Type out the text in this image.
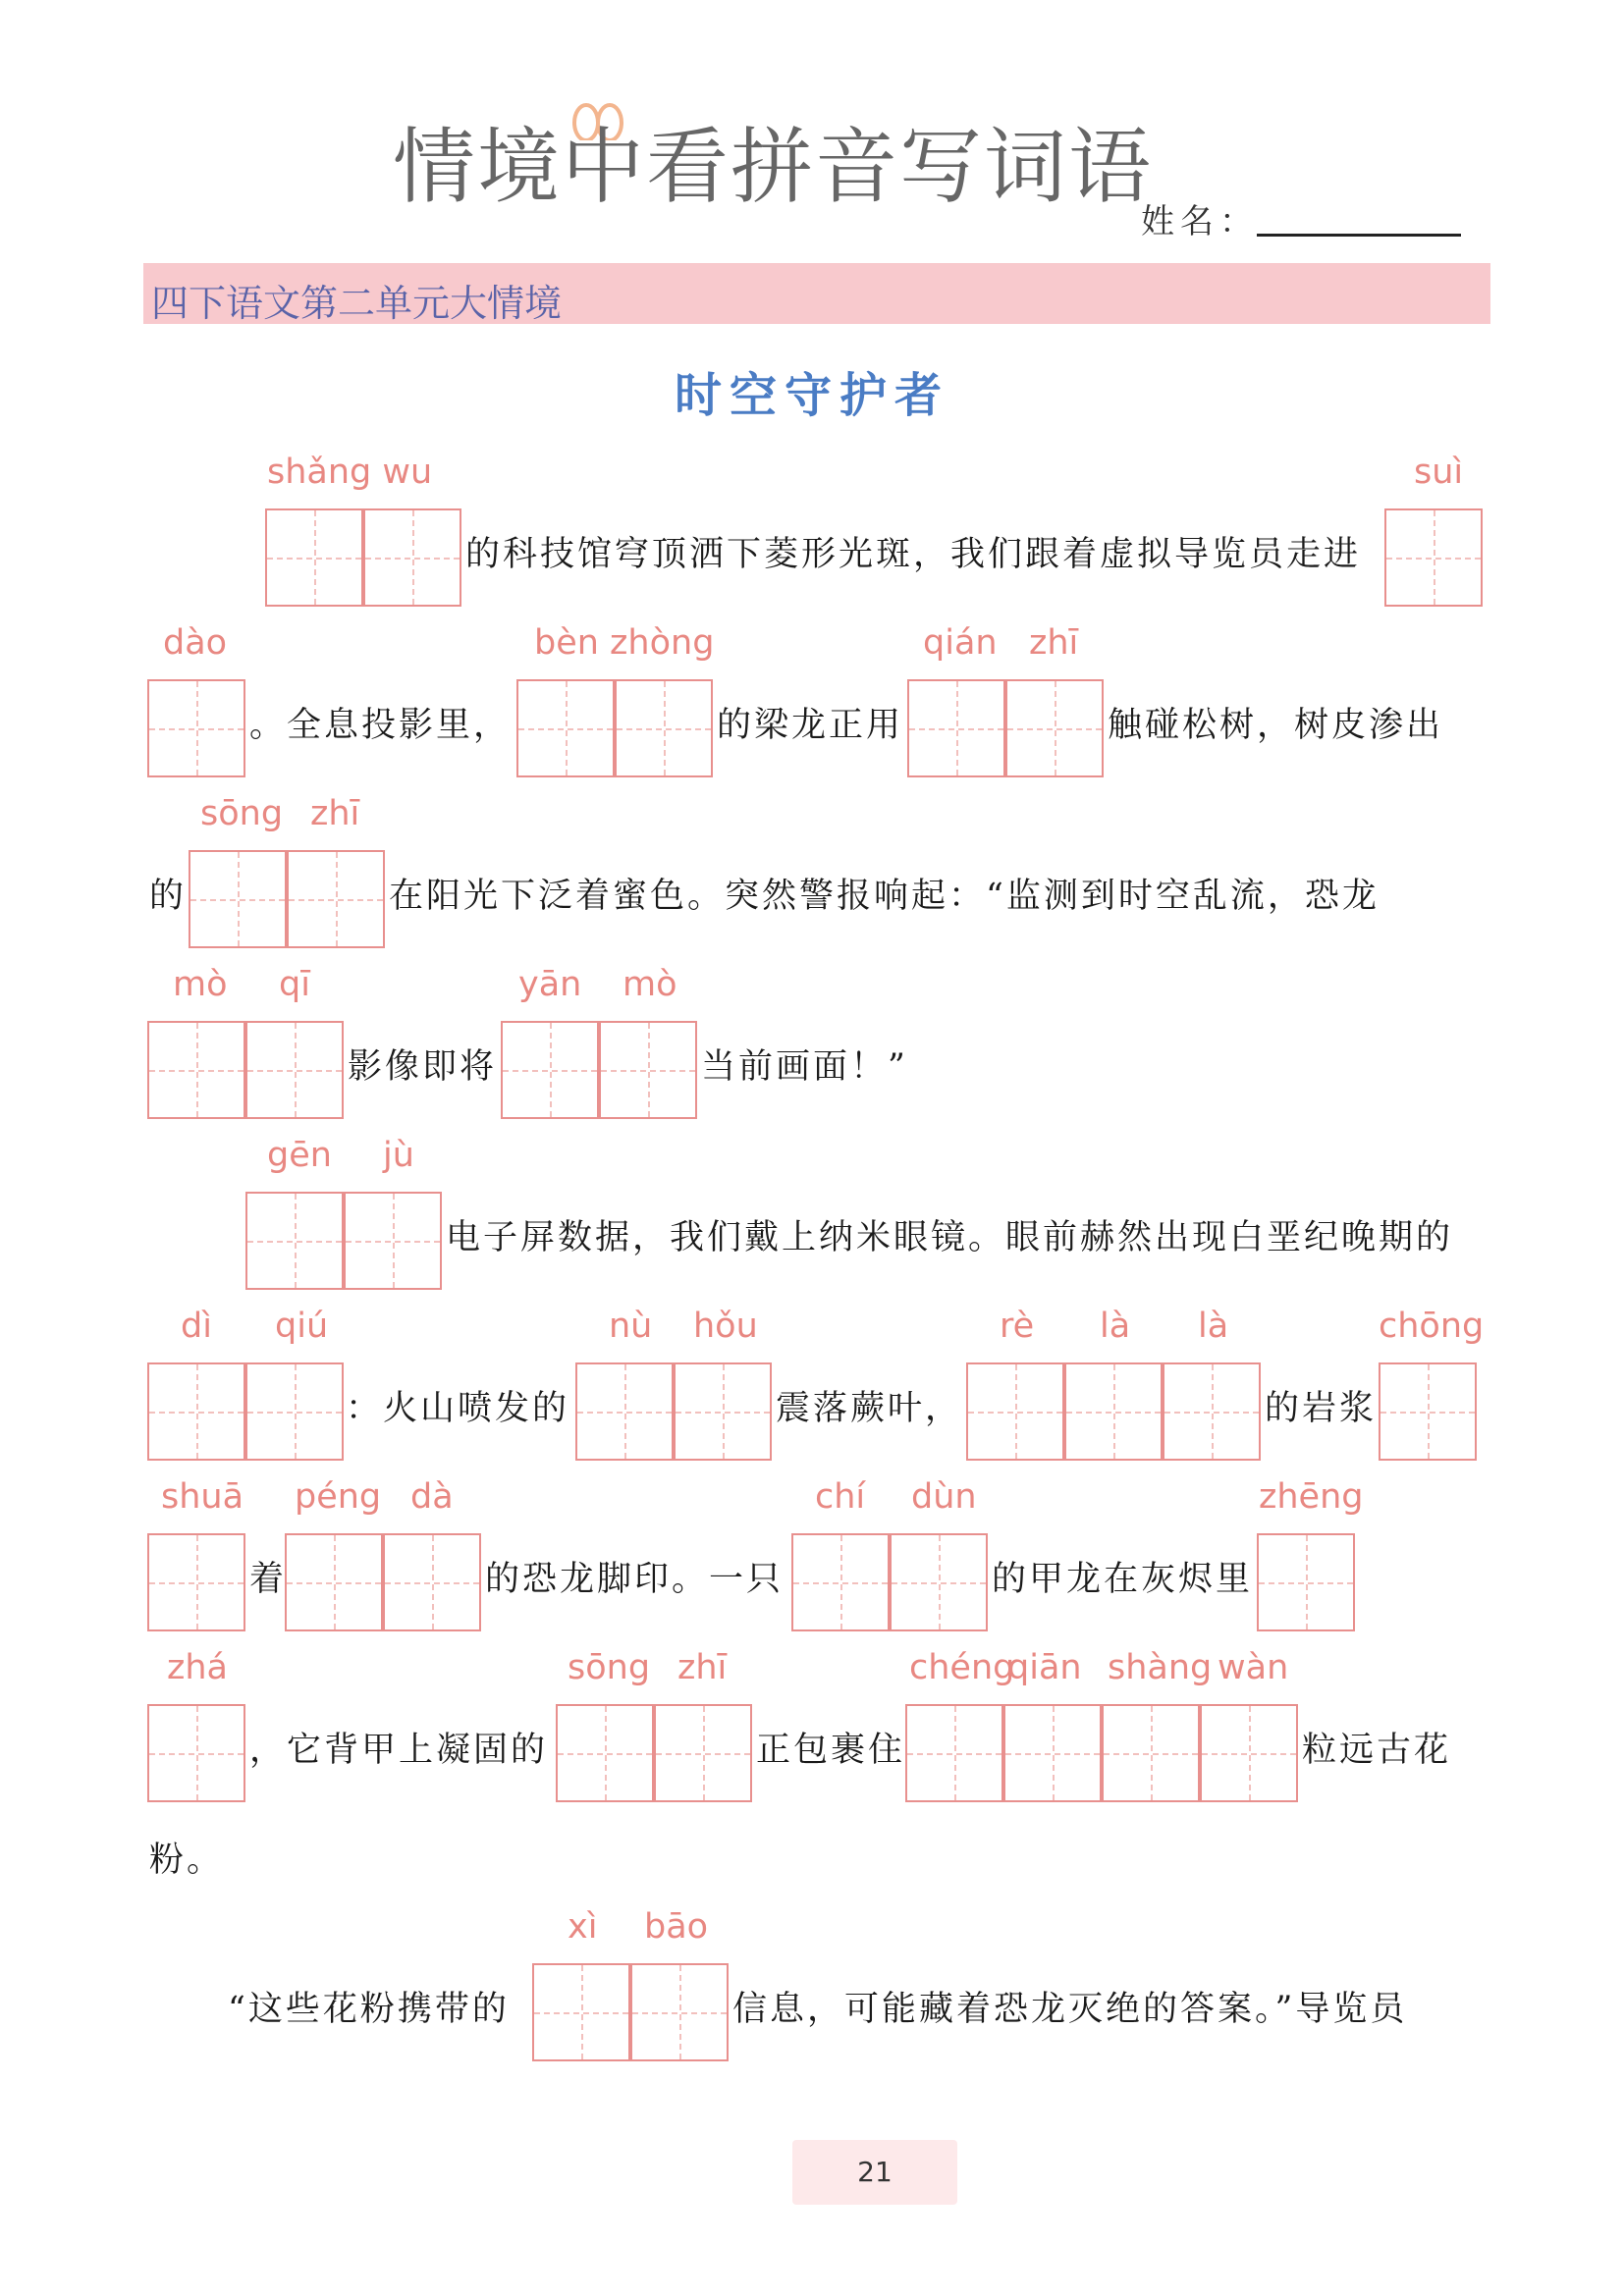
情境中看拼音写词语
姓名：
四下语文第二单元大情境
时空守护者
shǎng wu
的科技馆穹顶洒下菱形光斑，我们跟着虚拟导览员走进
suì
dào
。全息投影里，
bèn zhòng
的梁龙正用
qián zhī
触碰松树，树皮渗出
的
sōng zhī
在阳光下泛着蜜色。突然警报响起：“监测到时空乱流，恐龙
mò qī
影像即将
yān mò
当前画面！”
gēn jù
电子屏数据，我们戴上纳米眼镜。眼前赫然出现白垩纪晚期的
dì qiú
：火山喷发的
nù hǒu
震落蕨叶，
rè là là
的岩浆
chōng
shuā
着
péng dà
的恐龙脚印。一只
chí dùn
的甲龙在灰烬里
zhēng
zhá
，它背甲上凝固的
sōng zhī
正包裹住
chéng
qiān shàng wàn
粒远古花
粉。
“这些花粉携带的
xì bāo
信息，可能藏着恐龙灭绝的答案。”导览员
21
